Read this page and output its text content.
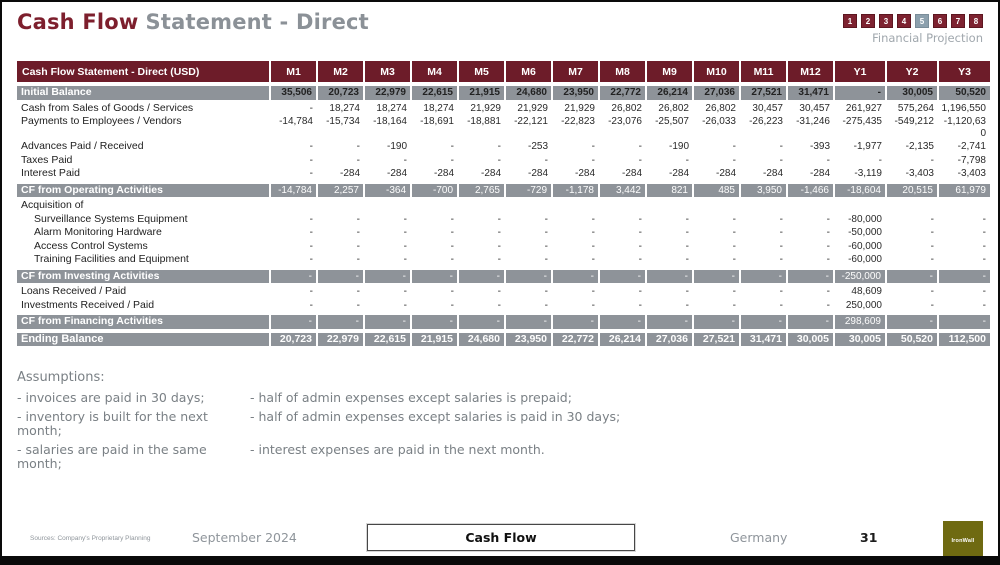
Cash Flow Statement - Direct	1	2	3	4	5	6	7	8
Financial Projection
Cash Flow Statement - Direct (USD)	M1	M2	M3	M4	M5	M6	M7	M8	M9	M10	M11	M12	Y1	Y2	Y3
Initial Balance	35,506	20,723	22,979	22,615	21,915	24,680	23,950	22,772	26,214	27,036	27,521	31,471	-	30,005	50,520
Cash from Sales of Goods / Services	-	18,274	18,274	18,274	21,929	21,929	21,929	26,802	26,802	26,802	30,457	30,457	261,927	575,264	1,196,550
Payments to Employees / Vendors	-14,784	-15,734	-18,164	-18,691	-18,881	-22,121	-22,823	-23,076	-25,507	-26,033	-26,223	-31,246	-275,435	-549,212	-1,120,630
Advances Paid / Received	-	-	-190	-	-	-253	-	-	-190	-	-	-393	-1,977	-2,135	-2,741
Taxes Paid	-	-	-	-	-	-	-	-	-	-	-	-	-	-	-7,798
Interest Paid	-	-284	-284	-284	-284	-284	-284	-284	-284	-284	-284	-284	-3,119	-3,403	-3,403
CF from Operating Activities	-14,784	2,257	-364	-700	2,765	-729	-1,178	3,442	821	485	3,950	-1,466	-18,604	20,515	61,979
Acquisition of															
Surveillance Systems Equipment	-	-	-	-	-	-	-	-	-	-	-	-	-80,000	-	-
Alarm Monitoring Hardware	-	-	-	-	-	-	-	-	-	-	-	-	-50,000	-	-
Access Control Systems	-	-	-	-	-	-	-	-	-	-	-	-	-60,000	-	-
Training Facilities and Equipment	-	-	-	-	-	-	-	-	-	-	-	-	-60,000	-	-
CF from Investing Activities	-	-	-	-	-	-	-	-	-	-	-	-	-250,000	-	-
Loans Received / Paid	-	-	-	-	-	-	-	-	-	-	-	-	48,609	-	-
Investments Received / Paid	-	-	-	-	-	-	-	-	-	-	-	-	250,000	-	-
CF from Financing Activities	-	-	-	-	-	-	-	-	-	-	-	-	298,609	-	-
Ending Balance	20,723	22,979	22,615	21,915	24,680	23,950	22,772	26,214	27,036	27,521	31,471	30,005	30,005	50,520	112,500
Assumptions:
- invoices are paid in 30 days;	- half of admin expenses except salaries is prepaid;
- inventory is built for the next month;
- half of admin expenses except salaries is paid in 30 days;
- salaries are paid in the same month;
- interest expenses are paid in the next month.
Sources: Company's Proprietary Planning	September 2024	Cash Flow	Germany	31	IronWall
